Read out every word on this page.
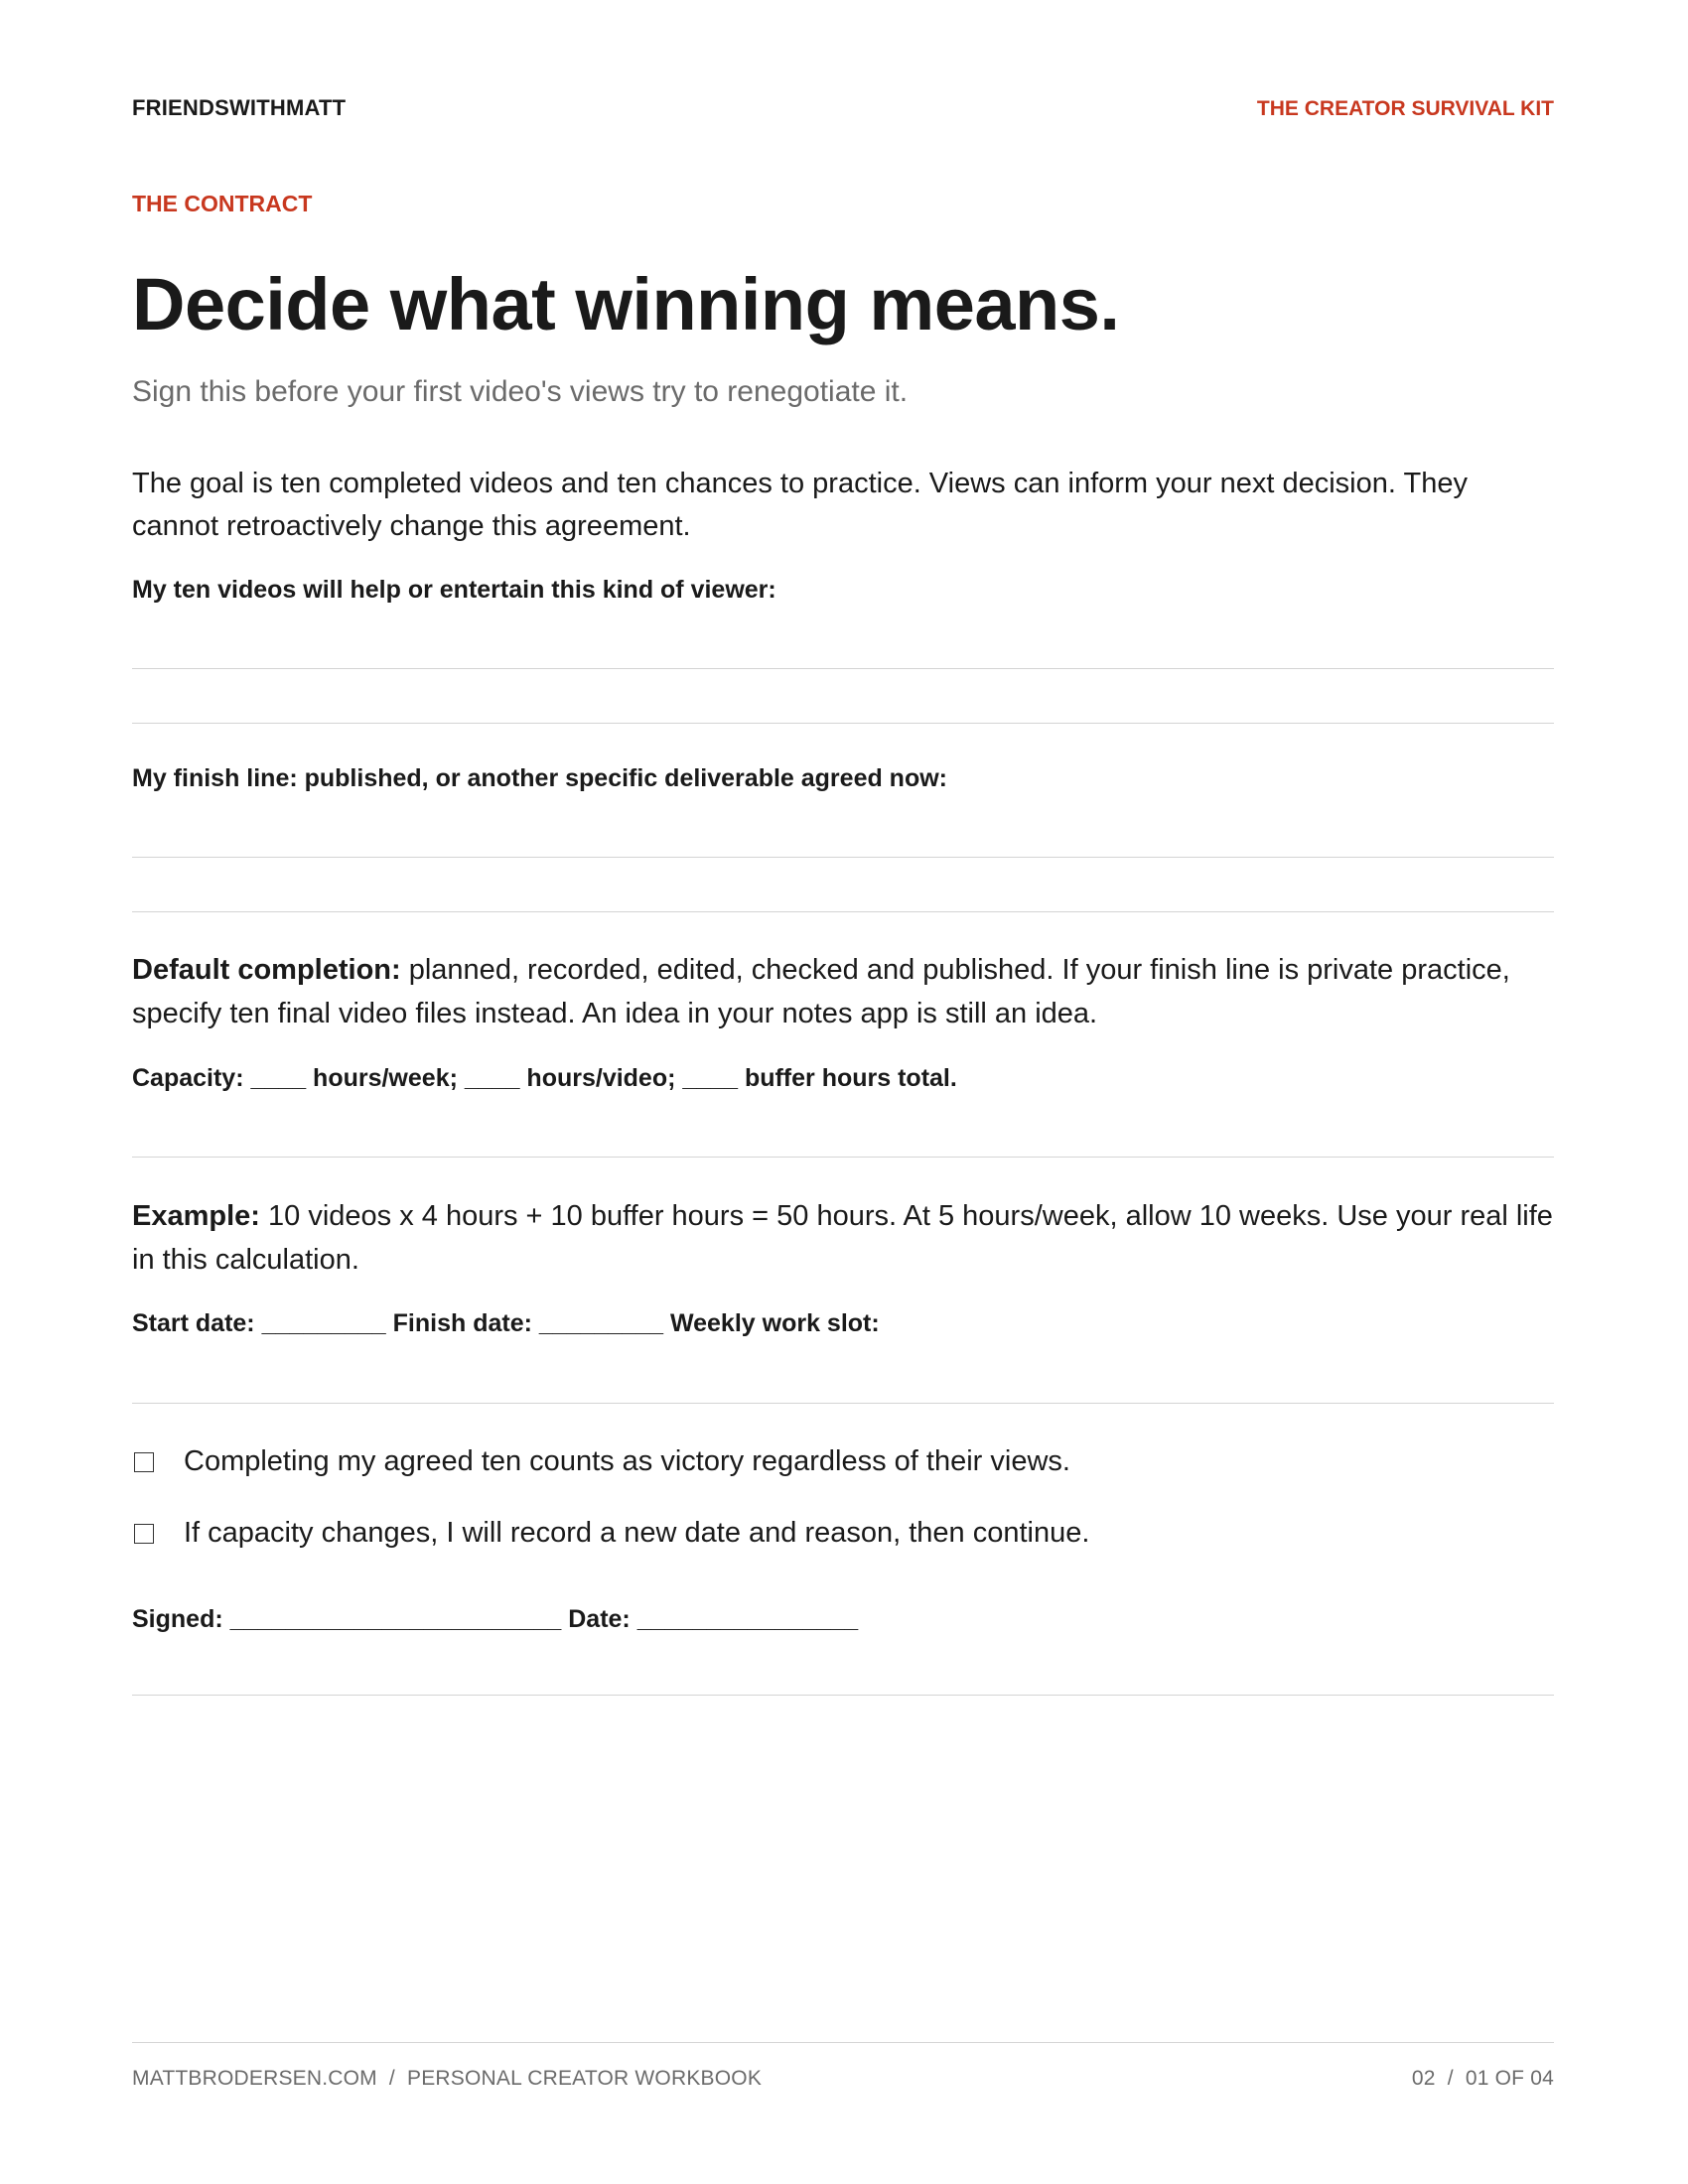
FRIENDSWITHMATT	THE CREATOR SURVIVAL KIT
THE CONTRACT
Decide what winning means.
Sign this before your first video's views try to renegotiate it.
The goal is ten completed videos and ten chances to practice. Views can inform your next decision. They cannot retroactively change this agreement.
My ten videos will help or entertain this kind of viewer:
My finish line: published, or another specific deliverable agreed now:
Default completion: planned, recorded, edited, checked and published. If your finish line is private practice, specify ten final video files instead. An idea in your notes app is still an idea.
Capacity: ____ hours/week; ____ hours/video; ____ buffer hours total.
Example: 10 videos x 4 hours + 10 buffer hours = 50 hours. At 5 hours/week, allow 10 weeks. Use your real life in this calculation.
Start date: _________ Finish date: _________ Weekly work slot:
Completing my agreed ten counts as victory regardless of their views.
If capacity changes, I will record a new date and reason, then continue.
Signed: ________________________ Date: ________________
MATTBRODERSEN.COM  /  PERSONAL CREATOR WORKBOOK	02  /  01 OF 04
